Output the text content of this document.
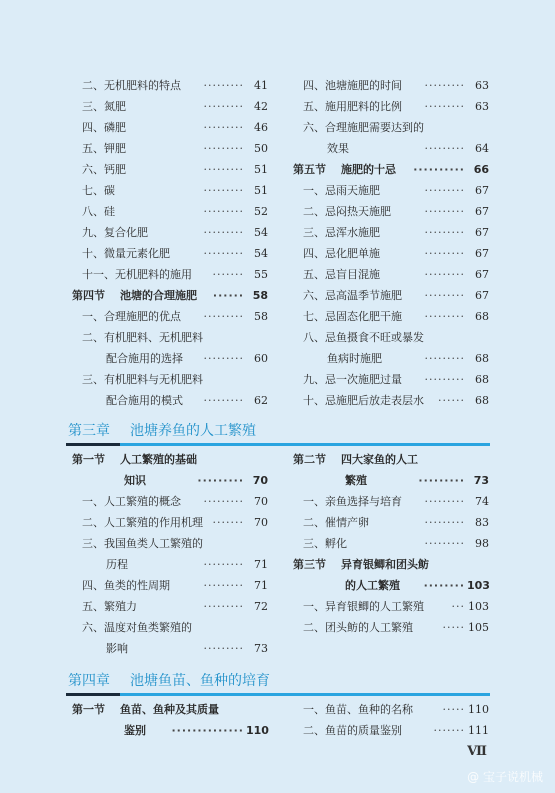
二、无机肥料的特点 ········· 41
三、氮肥	········· 42
四、磷肥	········· 46
五、钾肥	········· 50
六、钙肥	········· 51
七、碳	········· 51
八、硅	········· 52
九、复合化肥	········· 54
十、微量元素化肥	········· 54
十一、无机肥料的施用 ······· 55
第四节 池塘的合理施肥 ······ 58
一、合理施肥的优点 ········· 58
二、有机肥料、无机肥料
配合施用的选择 ········· 60
三、有机肥料与无机肥料
配合施用的模式 ········· 62
四、池塘施肥的时间 ········· 63
五、施用肥料的比例 ········· 63
六、合理施肥需要达到的
效果	········· 64
第五节 施肥的十忌 ·········· 66
一、忌雨天施肥	········· 67
二、忌闷热天施肥	········· 67
三、忌浑水施肥	········· 67
四、忌化肥单施	········· 67
五、忌盲目混施	········· 67
六、忌高温季节施肥 ········· 67
七、忌固态化肥干施 ········· 68
八、忌鱼摄食不旺或暴发
鱼病时施肥	········· 68
九、忌一次施肥过量 ········· 68
十、忌施肥后放走表层水 ······ 68
第三章 池塘养鱼的人工繁殖
第一节 人工繁殖的基础
知识	········· 70
一、人工繁殖的概念 ········· 70
二、人工繁殖的作用机理 ······· 70
三、我国鱼类人工繁殖的
历程	········· 71
四、鱼类的性周期	········· 71
五、繁殖力	········· 72
六、温度对鱼类繁殖的
影响	········· 73
第二节 四大家鱼的人工
繁殖	········· 73
一、亲鱼选择与培育 ········· 74
二、催情产卵	········· 83
三、孵化	········· 98
第三节 异育银鲫和团头鲂
的人工繁殖 ········ 103
一、异育银鲫的人工繁殖	··· 103
二、团头鲂的人工繁殖	····· 105
第四章 池塘鱼苗、鱼种的培育
第一节 鱼苗、鱼种及其质量
鉴别 ·············· 110
一、鱼苗、鱼种的名称	····· 110
二、鱼苗的质量鉴别	······· 111
Ⅶ
@ 宝子说机械
